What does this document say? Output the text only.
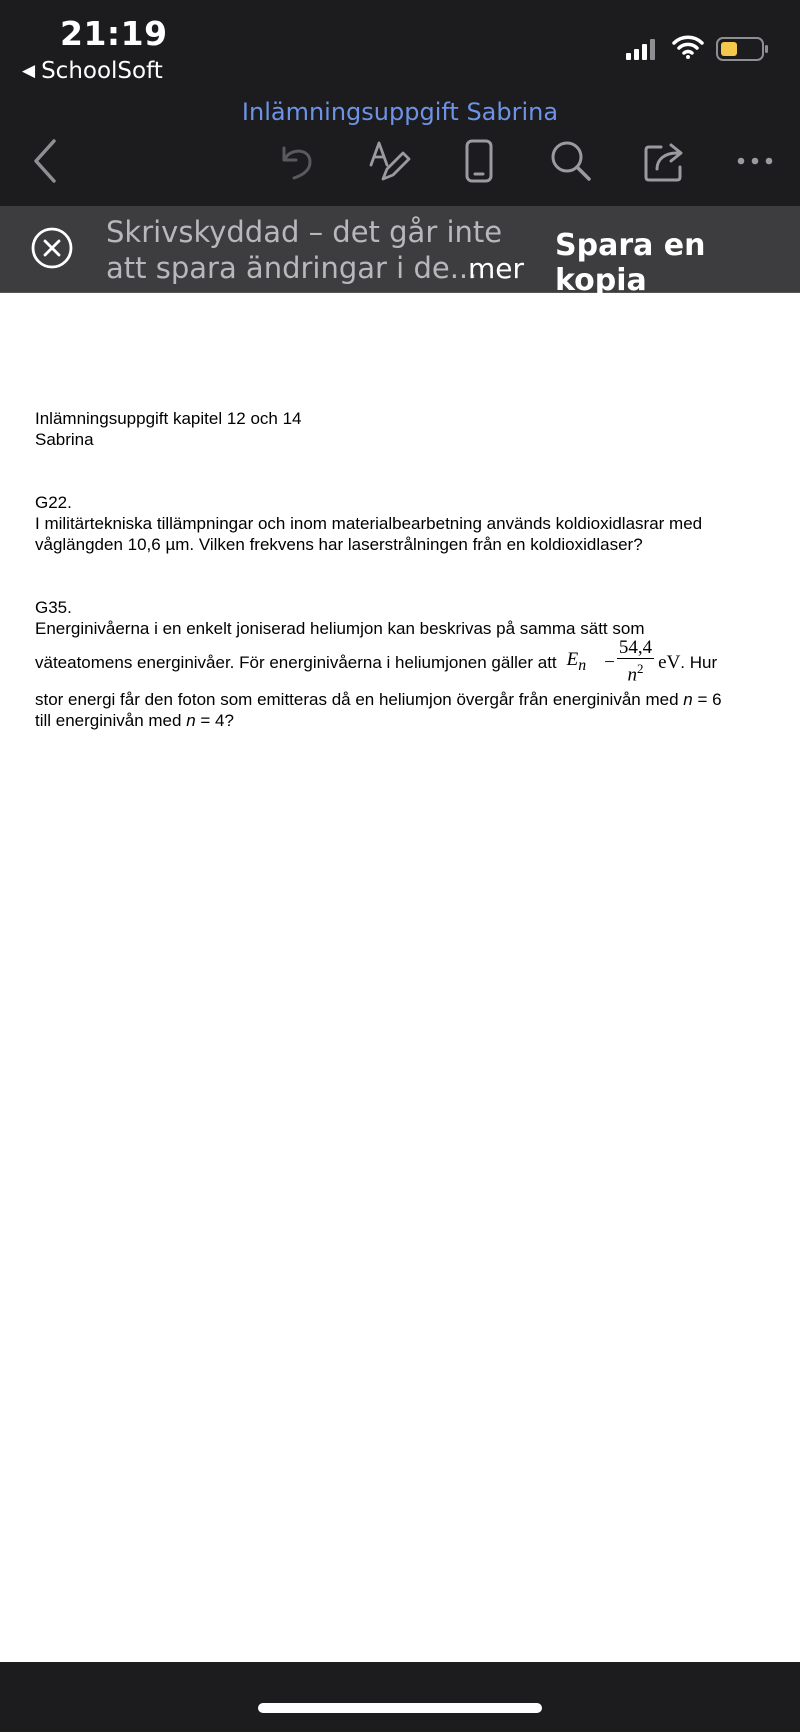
21:19
◀ SchoolSoft
Inlämningsuppgift Sabrina
Skrivskyddad – det går inte
att spara ändringar i de...
mer
Spara en kopia

Inlämningsuppgift kapitel 12 och 14

Sabrina

G22.

I militärtekniska tillämpningar och inom materialbearbetning används koldioxidlasrar med

våglängden 10,6 µm. Vilken frekvens har laserstrålningen från en koldioxidlaser?

G35.

Energinivåerna i en enkelt joniserad heliumjon kan beskrivas på samma sätt som

väteatomens energinivåer. För energinivåerna i heliumjonen gäller att $E_n - \frac{54,4}{n^2}$ eV . Hur

stor energi får den foton som emitteras då en heliumjon övergår från energinivån med n = 6

till energinivån med n = 4?
